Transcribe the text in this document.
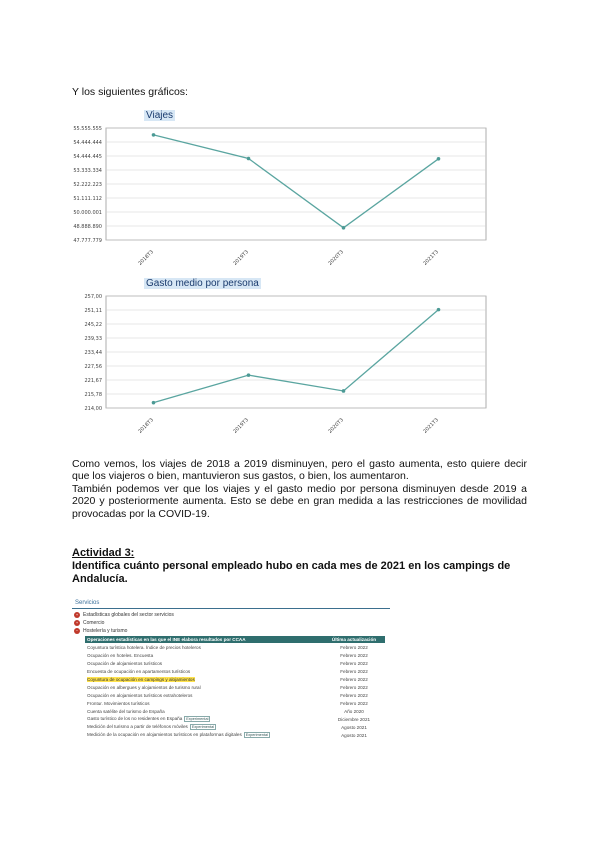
Y los siguientes gráficos:
Viajes
55.555.555
54.444.444
54.444.445
53.333.334
52.222.223
51.111.112
50.000.001
48.888.890
47.777.779
2018T3	2019T3	2020T3	2021T3
Gasto medio por persona
257,00
251,11
245,22
239,33
233,44
227,56
221,67
215,78
214,00
2018T3	2019T3	2020T3	2021T3
Como vemos, los viajes de 2018 a 2019 disminuyen, pero el gasto aumenta, esto quiere decir que los viajeros o bien, mantuvieron sus gastos, o bien, los aumentaron.
También podemos ver que los viajes y el gasto medio por persona disminuyen desde 2019 a 2020 y posteriormente aumenta. Esto se debe en gran medida a las restricciones de movilidad provocadas por la COVID-19.
Actividad 3:
Identifica cuánto personal empleado hubo en cada mes de 2021 en los campings de Andalucía.
Servicios
+ Estadísticas globales del sector servicios
+ Comercio
− Hostelería y turismo
Operaciones estadísticas en las que el INE elabora resultados por CCAA	Última actualización
Coyuntura turística hotelera. Índice de precios hoteleros	Febrero 2022
Ocupación en hoteles. Encuesta	Febrero 2022
Ocupación de alojamientos turísticos	Febrero 2022
Encuesta de ocupación en apartamentos turísticos	Febrero 2022
Coyuntura de ocupación en campings y alojamientos	Febrero 2022
Ocupación en albergues y alojamientos de turismo rural	Febrero 2022
Ocupación en alojamientos turísticos extrahoteleros	Febrero 2022
Frontur. Movimientos turísticos	Febrero 2022
Cuenta satélite del turismo de España	Año 2020
Gasto turístico de los no residentes en España Experimental	Diciembre 2021
Medición del turismo a partir de teléfonos móviles Experimental	Agosto 2021
Medición de la ocupación en alojamientos turísticos en plataformas digitales Experimental	Agosto 2021
